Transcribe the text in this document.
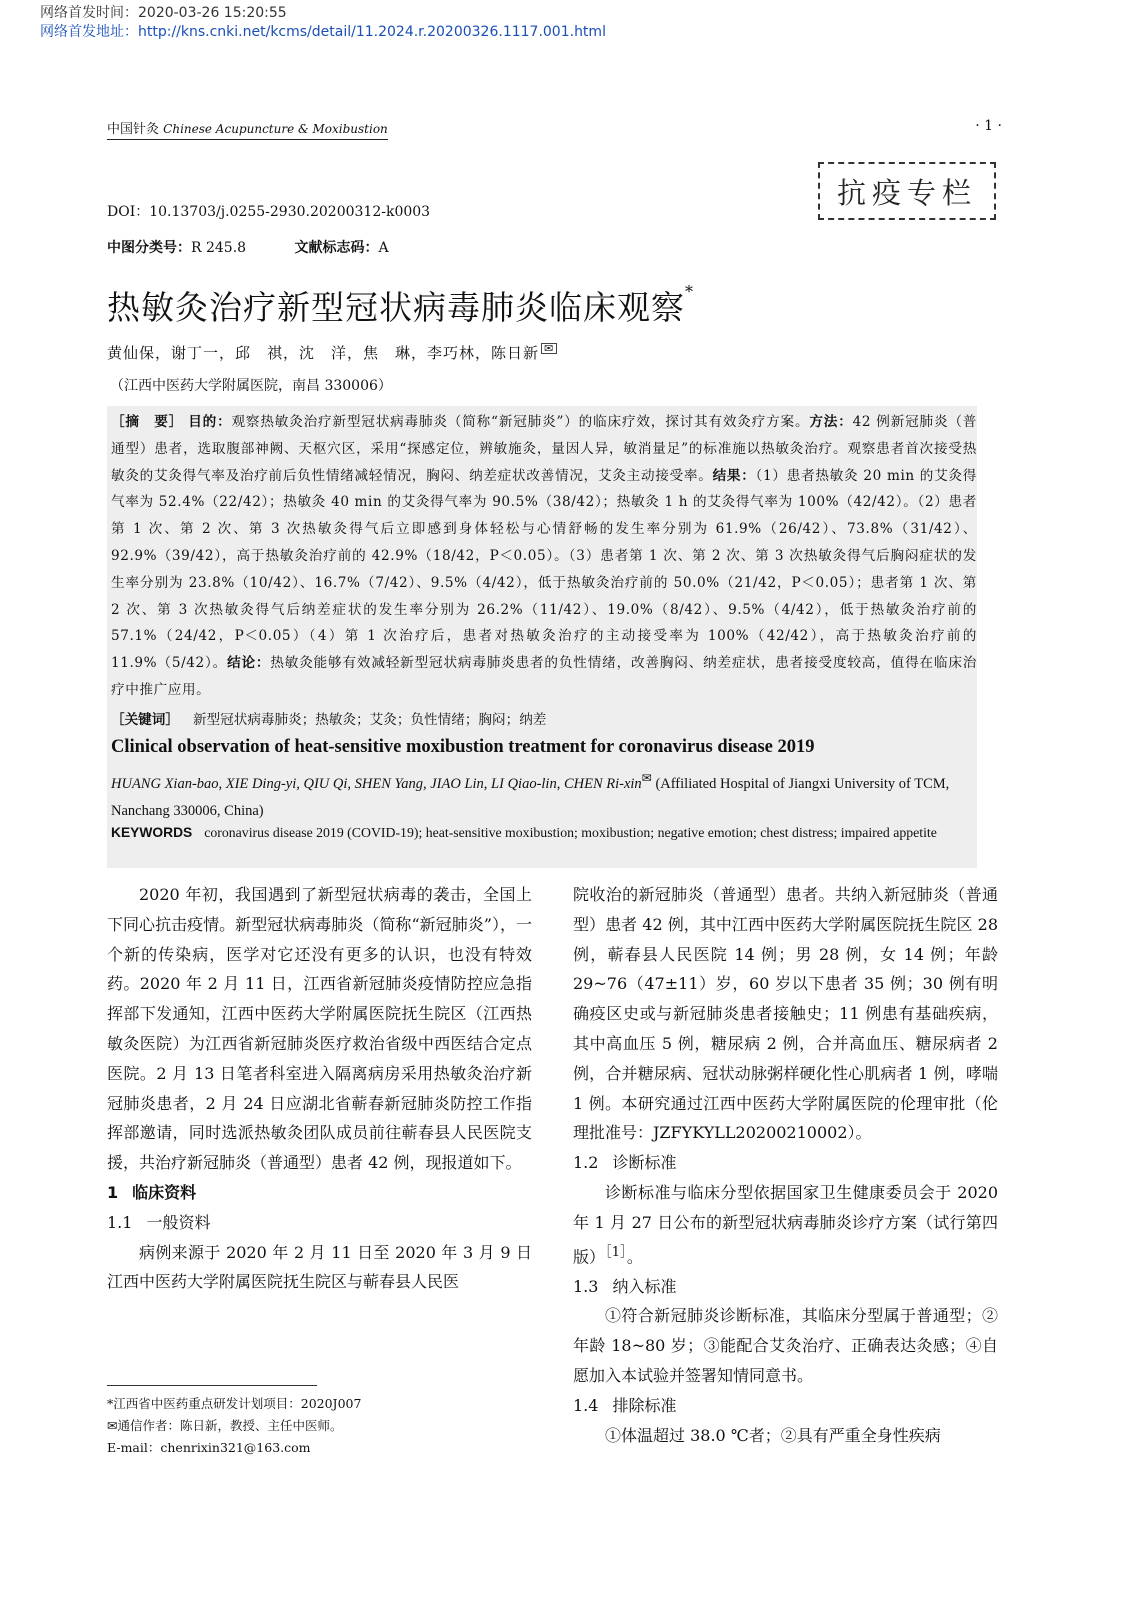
网络首发时间：2020-03-26 15:20:55
网络首发地址：http://kns.cnki.net/kcms/detail/11.2024.r.20200326.1117.001.html
中国针灸 Chinese Acupuncture & Moxibustion	· 1 ·
抗疫专栏
DOI：10.13703/j.0255-2930.20200312-k0003
中图分类号：R 245.8	文献标志码：A
热敏灸治疗新型冠状病毒肺炎临床观察*
黄仙保，谢丁一，邱　祺，沈　洋，焦　琳，李巧林，陈日新 ✉
（江西中医药大学附属医院，南昌 330006）
［摘　要］ 目的：观察热敏灸治疗新型冠状病毒肺炎（简称“新冠肺炎”）的临床疗效，探讨其有效灸疗方案。方法：42 例新冠肺炎（普通型）患者，选取腹部神阙、天枢穴区，采用“探感定位，辨敏施灸，量因人异，敏消量足”的标准施以热敏灸治疗。观察患者首次接受热敏灸的艾灸得气率及治疗前后负性情绪减轻情况，胸闷、纳差症状改善情况，艾灸主动接受率。结果：（1）患者热敏灸 20 min 的艾灸得气率为 52.4%（22/42）；热敏灸 40 min 的艾灸得气率为 90.5%（38/42）；热敏灸 1 h 的艾灸得气率为 100%（42/42）。（2）患者第 1 次、第 2 次、第 3 次热敏灸得气后立即感到身体轻松与心情舒畅的发生率分别为 61.9%（26/42）、73.8%（31/42）、92.9%（39/42），高于热敏灸治疗前的 42.9%（18/42，P＜0.05）。（3）患者第 1 次、第 2 次、第 3 次热敏灸得气后胸闷症状的发生率分别为 23.8%（10/42）、16.7%（7/42）、9.5%（4/42），低于热敏灸治疗前的 50.0%（21/42，P＜0.05）；患者第 1 次、第 2 次、第 3 次热敏灸得气后纳差症状的发生率分别为 26.2%（11/42）、19.0%（8/42）、9.5%（4/42），低于热敏灸治疗前的 57.1%（24/42，P＜0.05）（4）第 1 次治疗后，患者对热敏灸治疗的主动接受率为 100%（42/42），高于热敏灸治疗前的 11.9%（5/42）。结论：热敏灸能够有效减轻新型冠状病毒肺炎患者的负性情绪，改善胸闷、纳差症状，患者接受度较高，值得在临床治疗中推广应用。
［关键词］ 新型冠状病毒肺炎；热敏灸；艾灸；负性情绪；胸闷；纳差
Clinical observation of heat-sensitive moxibustion treatment for coronavirus disease 2019
HUANG Xian-bao, XIE Ding-yi, QIU Qi, SHEN Yang, JIAO Lin, LI Qiao-lin, CHEN Ri-xin✉ (Affiliated Hospital of Jiangxi University of TCM, Nanchang 330006, China)
KEYWORDS coronavirus disease 2019 (COVID-19); heat-sensitive moxibustion; moxibustion; negative emotion; chest distress; impaired appetite

2020 年初，我国遇到了新型冠状病毒的袭击，全国上下同心抗击疫情。新型冠状病毒肺炎（简称“新冠肺炎”），一个新的传染病，医学对它还没有更多的认识，也没有特效药。2020 年 2 月 11 日，江西省新冠肺炎疫情防控应急指挥部下发通知，江西中医药大学附属医院抚生院区（江西热敏灸医院）为江西省新冠肺炎医疗救治省级中西医结合定点医院。2 月 13 日笔者科室进入隔离病房采用热敏灸治疗新冠肺炎患者，2 月 24 日应湖北省蕲春新冠肺炎防控工作指挥部邀请，同时选派热敏灸团队成员前往蕲春县人民医院支援，共治疗新冠肺炎（普通型）患者 42 例，现报道如下。

1 临床资料
1.1 一般资料

病例来源于 2020 年 2 月 11 日至 2020 年 3 月 9 日江西中医药大学附属医院抚生院区与蕲春县人民医

院收治的新冠肺炎（普通型）患者。共纳入新冠肺炎（普通型）患者 42 例，其中江西中医药大学附属医院抚生院区 28 例，蕲春县人民医院 14 例；男 28 例，女 14 例；年龄 29~76（47±11）岁，60 岁以下患者 35 例；30 例有明确疫区史或与新冠肺炎患者接触史；11 例患有基础疾病，其中高血压 5 例，糖尿病 2 例，合并高血压、糖尿病者 2 例，合并糖尿病、冠状动脉粥样硬化性心肌病者 1 例，哮喘 1 例。本研究通过江西中医药大学附属医院的伦理审批（伦理批准号：JZFYKYLL20200210002）。

1.2 诊断标准

诊断标准与临床分型依据国家卫生健康委员会于 2020 年 1 月 27 日公布的新型冠状病毒肺炎诊疗方案（试行第四版）$^{[1]}$。

1.3 纳入标准

①符合新冠肺炎诊断标准，其临床分型属于普通型；②年龄 18~80 岁；③能配合艾灸治疗、正确表达灸感；④自愿加入本试验并签署知情同意书。

1.4 排除标准

①体温超过 38.0 ℃者；②具有严重全身性疾病

*江西省中医药重点研发计划项目：2020J007
✉通信作者：陈日新，教授、主任中医师。
E-mail：chenrixin321@163.com
